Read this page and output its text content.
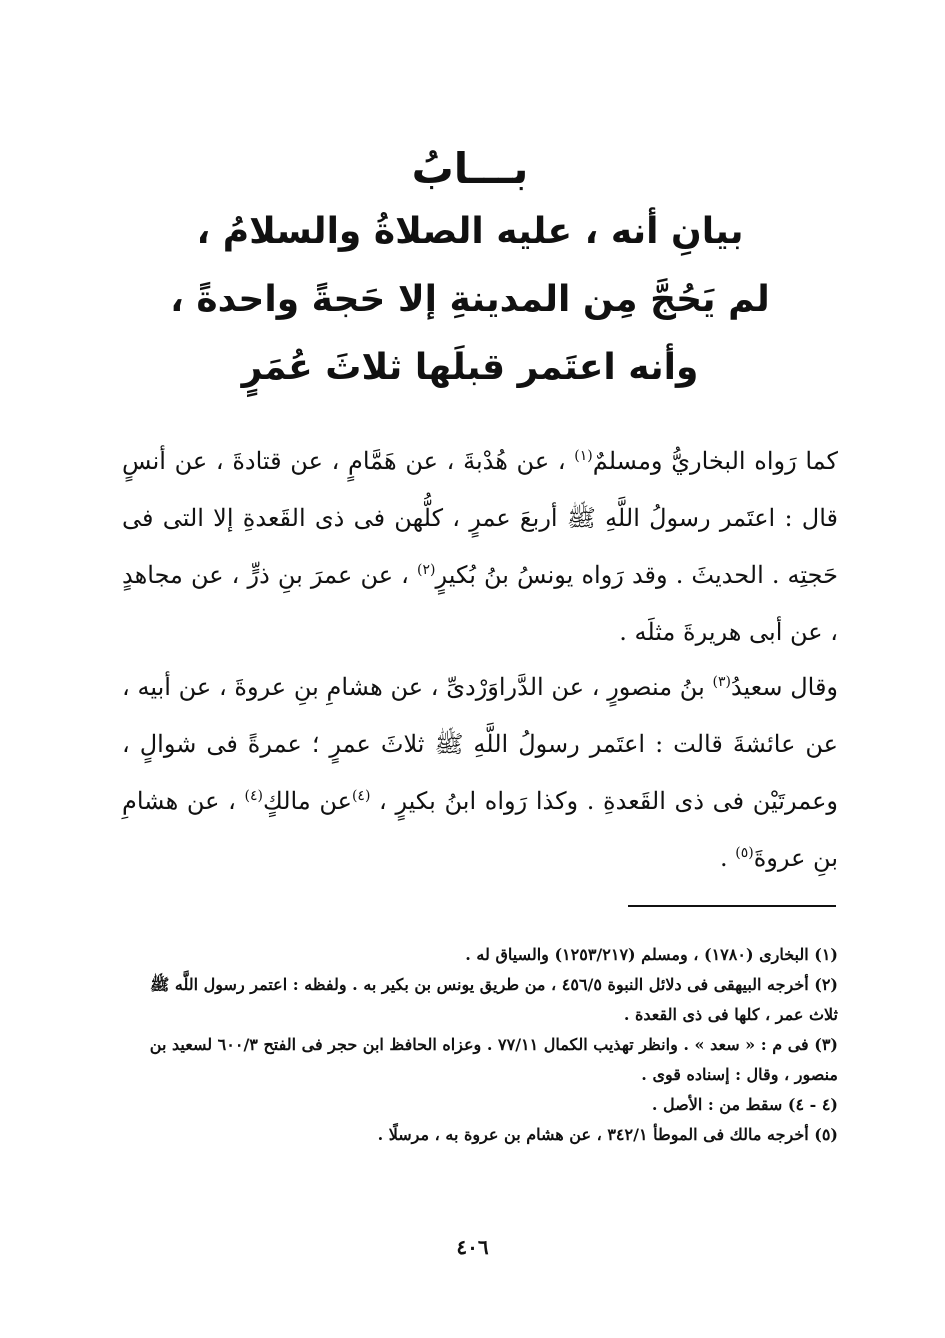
بـــابُ
بيانِ أنه ، عليه الصلاةُ والسلامُ ،
لم يَحُجَّ مِن المدينةِ إلا حَجةً واحدةً ،
وأنه اعتَمر قبلَها ثلاثَ عُمَرٍ

كما رَواه البخاريُّ ومسلمٌ$^{(١)}$ ، عن هُدْبةَ ، عن هَمَّامٍ ، عن قتادةَ ، عن أنسٍ قال : اعتَمر رسولُ اللَّهِ ﷺ أربعَ عمرٍ ، كلُّهن فى ذى القَعدةِ إلا التى فى حَجتِه . الحديثَ . وقد رَواه يونسُ بنُ بُكيرٍ$^{(٢)}$ ، عن عمرَ بنِ ذرٍّ ، عن مجاهدٍ ، عن أبى هريرةَ مثلَه .

وقال سعيدُ$^{(٣)}$ بنُ منصورٍ ، عن الدَّراوَرْدىِّ ، عن هشامِ بنِ عروةَ ، عن أبيه ، عن عائشةَ قالت : اعتَمر رسولُ اللَّهِ ﷺ ثلاثَ عمرٍ ؛ عمرةً فى شوالٍ ، وعمرتَيْن فى ذى القَعدةِ . وكذا رَواه ابنُ بكيرٍ ، $^{(٤)}$عن مالكٍ$^{(٤)}$ ، عن هشامِ بنِ عروةَ$^{(٥)}$ .

(١) البخارى (١٧٨٠) ، ومسلم (١٢٥٣/٢١٧) والسياق له .

(٢) أخرجه البيهقى فى دلائل النبوة ٤٥٦/٥ ، من طريق يونس بن بكير به . ولفظه : اعتمر رسول اللَّه ﷺ ثلاث عمر ، كلها فى ذى القعدة .

(٣) فى م : « سعد » . وانظر تهذيب الكمال ٧٧/١١ . وعزاه الحافظ ابن حجر فى الفتح ٦٠٠/٣ لسعيد بن منصور ، وقال : إسناده قوى .

(٤ - ٤) سقط من : الأصل .

(٥) أخرجه مالك فى الموطأ ٣٤٢/١ ، عن هشام بن عروة به ، مرسلًا .

٤٠٦
